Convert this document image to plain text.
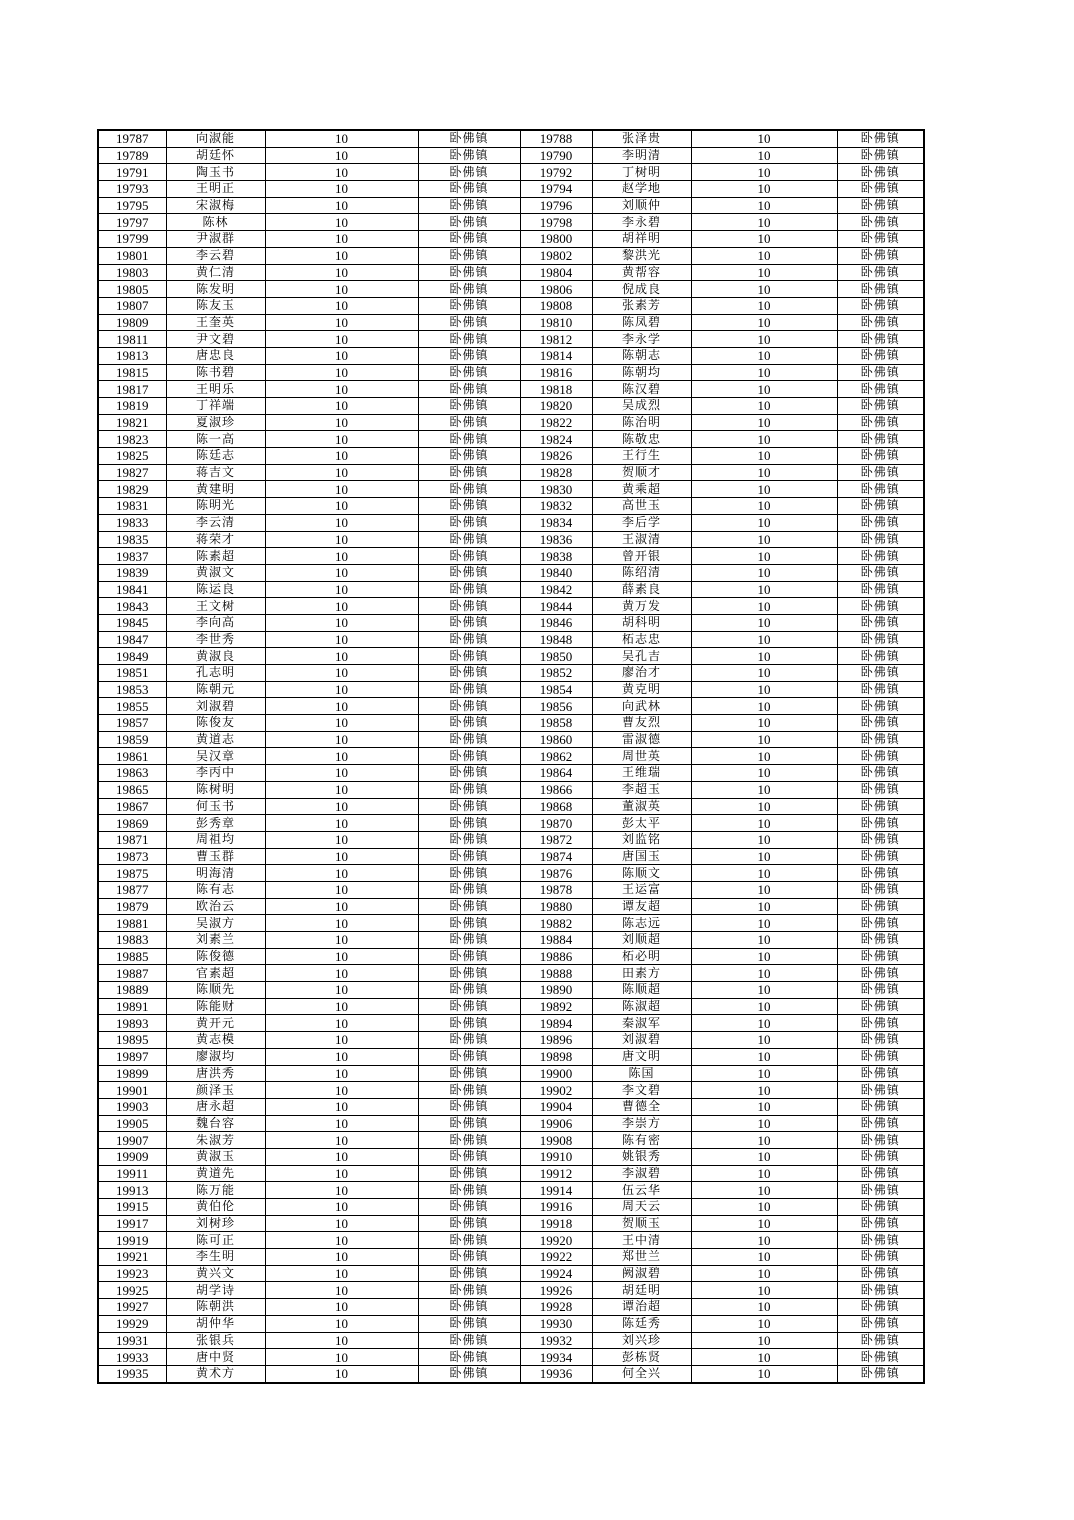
19787	向淑能	10	卧佛镇	19788	张泽贵	10	卧佛镇
19789	胡廷怀	10	卧佛镇	19790	李明清	10	卧佛镇
19791	陶玉书	10	卧佛镇	19792	丁树明	10	卧佛镇
19793	王明正	10	卧佛镇	19794	赵学地	10	卧佛镇
19795	宋淑梅	10	卧佛镇	19796	刘顺仲	10	卧佛镇
19797	陈林	10	卧佛镇	19798	李永碧	10	卧佛镇
19799	尹淑群	10	卧佛镇	19800	胡祥明	10	卧佛镇
19801	李云碧	10	卧佛镇	19802	黎洪光	10	卧佛镇
19803	黄仁清	10	卧佛镇	19804	黄帮容	10	卧佛镇
19805	陈发明	10	卧佛镇	19806	倪成良	10	卧佛镇
19807	陈友玉	10	卧佛镇	19808	张素芳	10	卧佛镇
19809	王奎英	10	卧佛镇	19810	陈凤碧	10	卧佛镇
19811	尹文碧	10	卧佛镇	19812	李永学	10	卧佛镇
19813	唐忠良	10	卧佛镇	19814	陈朝志	10	卧佛镇
19815	陈书碧	10	卧佛镇	19816	陈朝均	10	卧佛镇
19817	王明乐	10	卧佛镇	19818	陈汉碧	10	卧佛镇
19819	丁祥端	10	卧佛镇	19820	吴成烈	10	卧佛镇
19821	夏淑珍	10	卧佛镇	19822	陈治明	10	卧佛镇
19823	陈一高	10	卧佛镇	19824	陈敬忠	10	卧佛镇
19825	陈廷志	10	卧佛镇	19826	王行生	10	卧佛镇
19827	蒋吉文	10	卧佛镇	19828	贺顺才	10	卧佛镇
19829	黄建明	10	卧佛镇	19830	黄乘超	10	卧佛镇
19831	陈明光	10	卧佛镇	19832	高世玉	10	卧佛镇
19833	李云清	10	卧佛镇	19834	李后学	10	卧佛镇
19835	蒋荣才	10	卧佛镇	19836	王淑清	10	卧佛镇
19837	陈素超	10	卧佛镇	19838	曾开银	10	卧佛镇
19839	黄淑文	10	卧佛镇	19840	陈绍清	10	卧佛镇
19841	陈运良	10	卧佛镇	19842	薛素良	10	卧佛镇
19843	王文树	10	卧佛镇	19844	黄万发	10	卧佛镇
19845	李向高	10	卧佛镇	19846	胡科明	10	卧佛镇
19847	李世秀	10	卧佛镇	19848	柘志忠	10	卧佛镇
19849	黄淑良	10	卧佛镇	19850	吴孔吉	10	卧佛镇
19851	孔志明	10	卧佛镇	19852	廖治才	10	卧佛镇
19853	陈朝元	10	卧佛镇	19854	黄克明	10	卧佛镇
19855	刘淑碧	10	卧佛镇	19856	向武林	10	卧佛镇
19857	陈俊友	10	卧佛镇	19858	曹友烈	10	卧佛镇
19859	黄道志	10	卧佛镇	19860	雷淑德	10	卧佛镇
19861	吴汉章	10	卧佛镇	19862	周世英	10	卧佛镇
19863	李丙中	10	卧佛镇	19864	王维瑞	10	卧佛镇
19865	陈树明	10	卧佛镇	19866	李超玉	10	卧佛镇
19867	何玉书	10	卧佛镇	19868	董淑英	10	卧佛镇
19869	彭秀章	10	卧佛镇	19870	彭太平	10	卧佛镇
19871	周祖均	10	卧佛镇	19872	刘监铭	10	卧佛镇
19873	曹玉群	10	卧佛镇	19874	唐国玉	10	卧佛镇
19875	明海清	10	卧佛镇	19876	陈顺文	10	卧佛镇
19877	陈有志	10	卧佛镇	19878	王运富	10	卧佛镇
19879	欧治云	10	卧佛镇	19880	谭友超	10	卧佛镇
19881	吴淑方	10	卧佛镇	19882	陈志远	10	卧佛镇
19883	刘素兰	10	卧佛镇	19884	刘顺超	10	卧佛镇
19885	陈俊德	10	卧佛镇	19886	柘必明	10	卧佛镇
19887	官素超	10	卧佛镇	19888	田素方	10	卧佛镇
19889	陈顺先	10	卧佛镇	19890	陈顺超	10	卧佛镇
19891	陈能财	10	卧佛镇	19892	陈淑超	10	卧佛镇
19893	黄开元	10	卧佛镇	19894	秦淑军	10	卧佛镇
19895	黄志模	10	卧佛镇	19896	刘淑碧	10	卧佛镇
19897	廖淑均	10	卧佛镇	19898	唐文明	10	卧佛镇
19899	唐洪秀	10	卧佛镇	19900	陈国	10	卧佛镇
19901	颜泽玉	10	卧佛镇	19902	李文碧	10	卧佛镇
19903	唐永超	10	卧佛镇	19904	曹德全	10	卧佛镇
19905	魏台容	10	卧佛镇	19906	李崇方	10	卧佛镇
19907	朱淑芳	10	卧佛镇	19908	陈有密	10	卧佛镇
19909	黄淑玉	10	卧佛镇	19910	姚银秀	10	卧佛镇
19911	黄道先	10	卧佛镇	19912	李淑碧	10	卧佛镇
19913	陈万能	10	卧佛镇	19914	伍云华	10	卧佛镇
19915	黄伯伦	10	卧佛镇	19916	周天云	10	卧佛镇
19917	刘树珍	10	卧佛镇	19918	贺顺玉	10	卧佛镇
19919	陈可正	10	卧佛镇	19920	王中清	10	卧佛镇
19921	李生明	10	卧佛镇	19922	郑世兰	10	卧佛镇
19923	黄兴文	10	卧佛镇	19924	阙淑碧	10	卧佛镇
19925	胡学诗	10	卧佛镇	19926	胡廷明	10	卧佛镇
19927	陈朝洪	10	卧佛镇	19928	谭治超	10	卧佛镇
19929	胡仲华	10	卧佛镇	19930	陈廷秀	10	卧佛镇
19931	张银兵	10	卧佛镇	19932	刘兴珍	10	卧佛镇
19933	唐中贤	10	卧佛镇	19934	彭栋贤	10	卧佛镇
19935	黄术方	10	卧佛镇	19936	何全兴	10	卧佛镇
